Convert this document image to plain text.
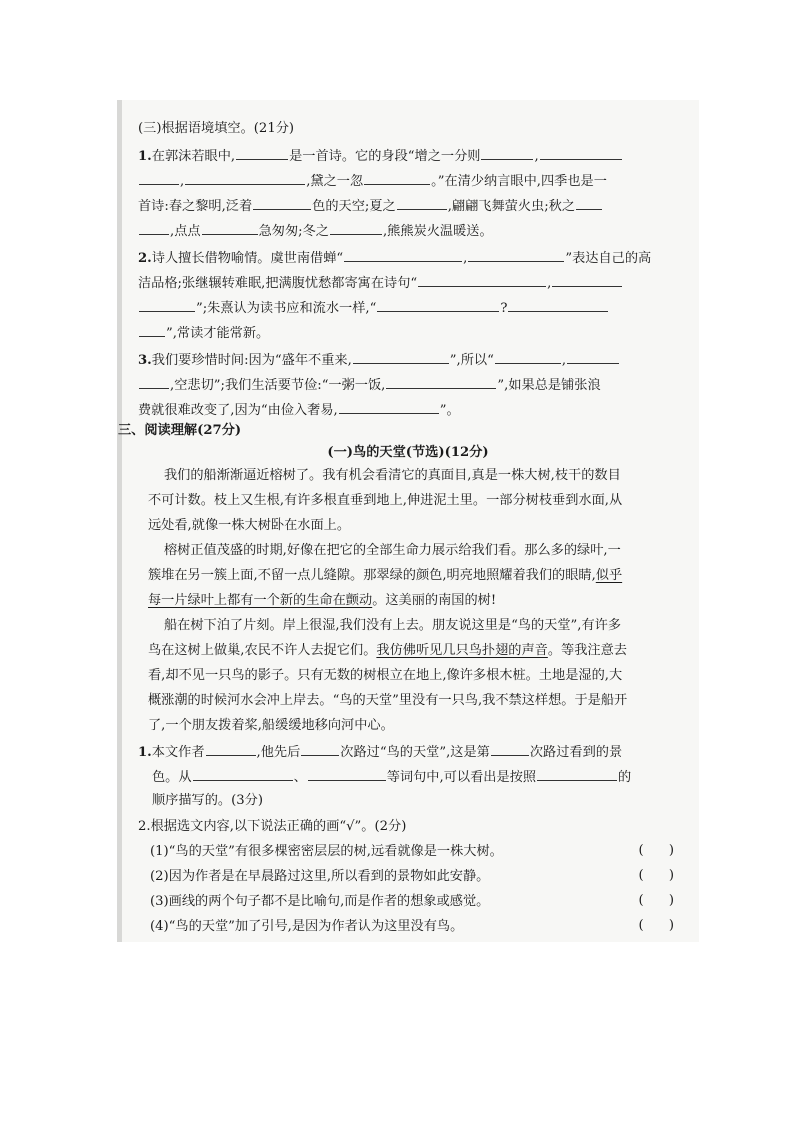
(三)根据语境填空。(21分)
1.在郭沫若眼中,	是一首诗。它的身段“增之一分则	,
,	,黛之一忽	。”在清少纳言眼中,四季也是一
首诗:春之黎明,泛着	色的天空;夏之	,翩翩飞舞萤火虫;秋之
,点点	急匆匆;冬之	,熊熊炭火温暖送。
2.诗人擅长借物喻情。虞世南借蝉“	,	”表达自己的高
洁品格;张继辗转难眠,把满腹忧愁都寄寓在诗句“	,
”;朱熹认为读书应和流水一样,“	?
”,常读才能常新。
3.我们要珍惜时间:因为“盛年不重来,	”,所以“	,
,空悲切”;我们生活要节俭:“一粥一饭,	”,如果总是铺张浪
费就很难改变了,因为“由俭入奢易,	”。
三、阅读理解(27分)
(一)鸟的天堂(节选)(12分)
我们的船渐渐逼近榕树了。我有机会看清它的真面目,真是一株大树,枝干的数目
不可计数。枝上又生根,有许多根直垂到地上,伸进泥土里。一部分树枝垂到水面,从
远处看,就像一株大树卧在水面上。
榕树正值茂盛的时期,好像在把它的全部生命力展示给我们看。那么多的绿叶,一
簇堆在另一簇上面,不留一点儿缝隙。那翠绿的颜色,明亮地照耀着我们的眼睛,似乎
每一片绿叶上都有一个新的生命在颤动。这美丽的南国的树!
船在树下泊了片刻。岸上很湿,我们没有上去。朋友说这里是“鸟的天堂”,有许多
鸟在这树上做巢,农民不许人去捉它们。我仿佛听见几只鸟扑翅的声音。等我注意去
看,却不见一只鸟的影子。只有无数的树根立在地上,像许多根木桩。土地是湿的,大
概涨潮的时候河水会冲上岸去。“鸟的天堂”里没有一只鸟,我不禁这样想。于是船开
了,一个朋友拨着桨,船缓缓地移向河中心。
1.本文作者	,他先后	次路过“鸟的天堂”,这是第	次路过看到的景
色。从	、	等词句中,可以看出是按照	的
顺序描写的。(3分)
2.根据选文内容,以下说法正确的画“√”。(2分)
(1)“鸟的天堂”有很多棵密密层层的树,远看就像是一株大树。	(      )
(2)因为作者是在早晨路过这里,所以看到的景物如此安静。	(      )
(3)画线的两个句子都不是比喻句,而是作者的想象或感觉。	(      )
(4)“鸟的天堂”加了引号,是因为作者认为这里没有鸟。	(      )
